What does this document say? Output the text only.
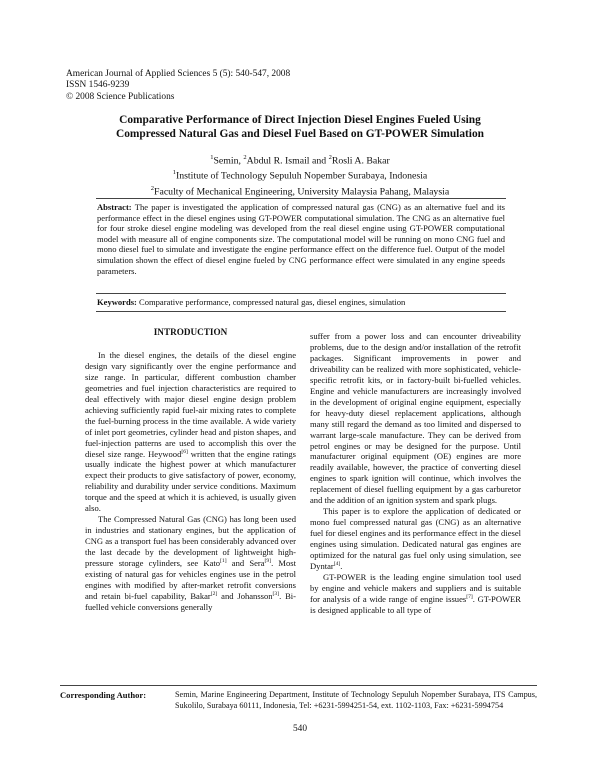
American Journal of Applied Sciences 5 (5): 540-547, 2008
ISSN 1546-9239
© 2008 Science Publications
Comparative Performance of Direct Injection Diesel Engines Fueled Using
Compressed Natural Gas and Diesel Fuel Based on GT-POWER Simulation
$^1$Semin, $^2$Abdul R. Ismail and $^2$Rosli A. Bakar
$^1$Institute of Technology Sepuluh Nopember Surabaya, Indonesia
$^2$Faculty of Mechanical Engineering, University Malaysia Pahang, Malaysia
Abstract: The paper is investigated the application of compressed natural gas (CNG) as an alternative fuel and its performance effect in the diesel engines using GT-POWER computational simulation. The CNG as an alternative fuel for four stroke diesel engine modeling was developed from the real diesel engine using GT-POWER computational model with measure all of engine components size. The computational model will be running on mono CNG fuel and mono diesel fuel to simulate and investigate the engine performance effect on the difference fuel. Output of the model simulation shown the effect of diesel engine fueled by CNG performance effect were simulated in any engine speeds parameters.
Keywords: Comparative performance, compressed natural gas, diesel engines, simulation
INTRODUCTION

In the diesel engines, the details of the diesel engine design vary significantly over the engine performance and size range. In particular, different combustion chamber geometries and fuel injection characteristics are required to deal effectively with major diesel engine design problem achieving sufficiently rapid fuel-air mixing rates to complete the fuel-burning process in the time available. A wide variety of inlet port geometries, cylinder head and piston shapes, and fuel-injection patterns are used to accomplish this over the diesel size range. Heywood[6] written that the engine ratings usually indicate the highest power at which manufacturer expect their products to give satisfactory of power, economy, reliability and durability under service conditions. Maximum torque and the speed at which it is achieved, is usually given also.

The Compressed Natural Gas (CNG) has long been used in industries and stationary engines, but the application of CNG as a transport fuel has been considerably advanced over the last decade by the development of lightweight high-pressure storage cylinders, see Kato[1] and Sera[9]. Most existing of natural gas for vehicles engines use in the petrol engines with modified by after-market retrofit conversions and retain bi-fuel capability, Bakar[2] and Johansson[3]. Bi-fuelled vehicle conversions generally

suffer from a power loss and can encounter driveability problems, due to the design and/or installation of the retrofit packages. Significant improvements in power and driveability can be realized with more sophisticated, vehicle-specific retrofit kits, or in factory-built bi-fuelled vehicles. Engine and vehicle manufacturers are increasingly involved in the development of original engine equipment, especially for heavy-duty diesel replacement applications, although many still regard the demand as too limited and dispersed to warrant large-scale manufacture. They can be derived from petrol engines or may be designed for the purpose. Until manufacturer original equipment (OE) engines are more readily available, however, the practice of converting diesel engines to spark ignition will continue, which involves the replacement of diesel fuelling equipment by a gas carburetor and the addition of an ignition system and spark plugs.

This paper is to explore the application of dedicated or mono fuel compressed natural gas (CNG) as an alternative fuel for diesel engines and its performance effect in the diesel engines using simulation. Dedicated natural gas engines are optimized for the natural gas fuel only using simulation, see Dyntar[4].

GT-POWER is the leading engine simulation tool used by engine and vehicle makers and suppliers and is suitable for analysis of a wide range of engine issues[7]. GT-POWER is designed applicable to all type of

Corresponding Author:	Semin, Marine Engineering Department, Institute of Technology Sepuluh Nopember Surabaya, ITS Campus, Sukolilo, Surabaya 60111, Indonesia, Tel: +6231-5994251-54, ext. 1102-1103, Fax: +6231-5994754
540
